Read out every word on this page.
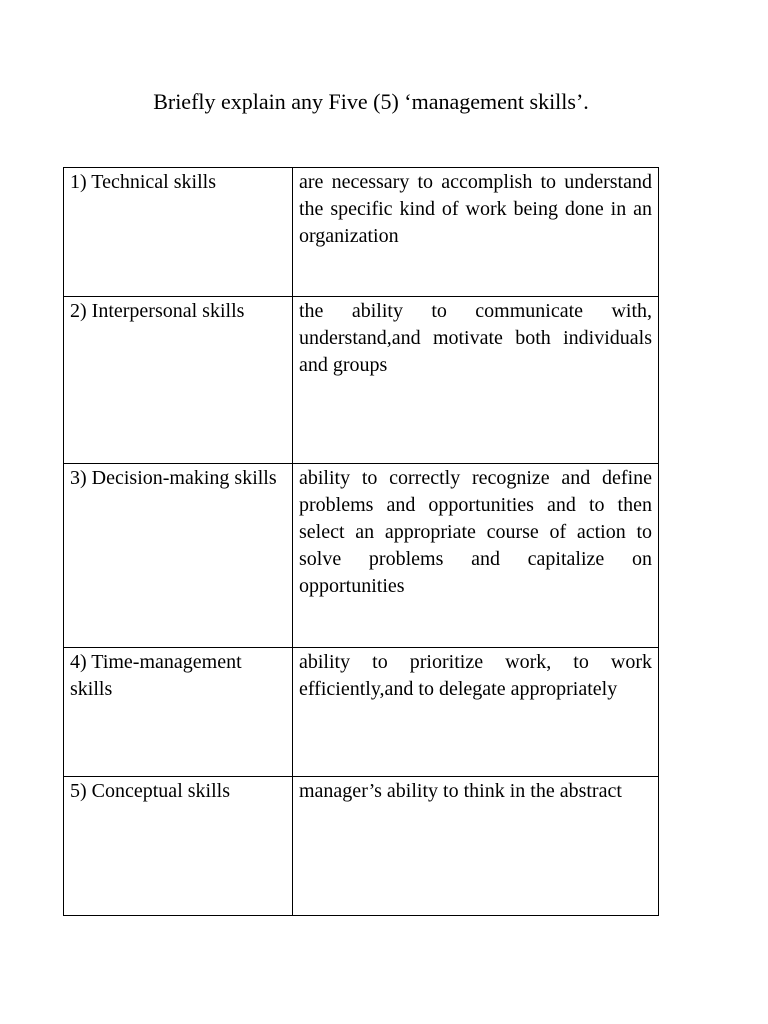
Briefly explain any Five (5) ‘management skills’.
1) Technical skills	are necessary to accomplish to understand the specific kind of work being done in an organization
2) Interpersonal skills	the ability to communicate with, understand,and motivate both individuals and groups
3) Decision-making skills	ability to correctly recognize and define problems and opportunities and to then select an appropriate course of action to solve problems and capitalize on opportunities
4) Time-management skills	ability to prioritize work, to work efficiently,and to delegate appropriately
5) Conceptual skills	manager’s ability to think in the abstract
